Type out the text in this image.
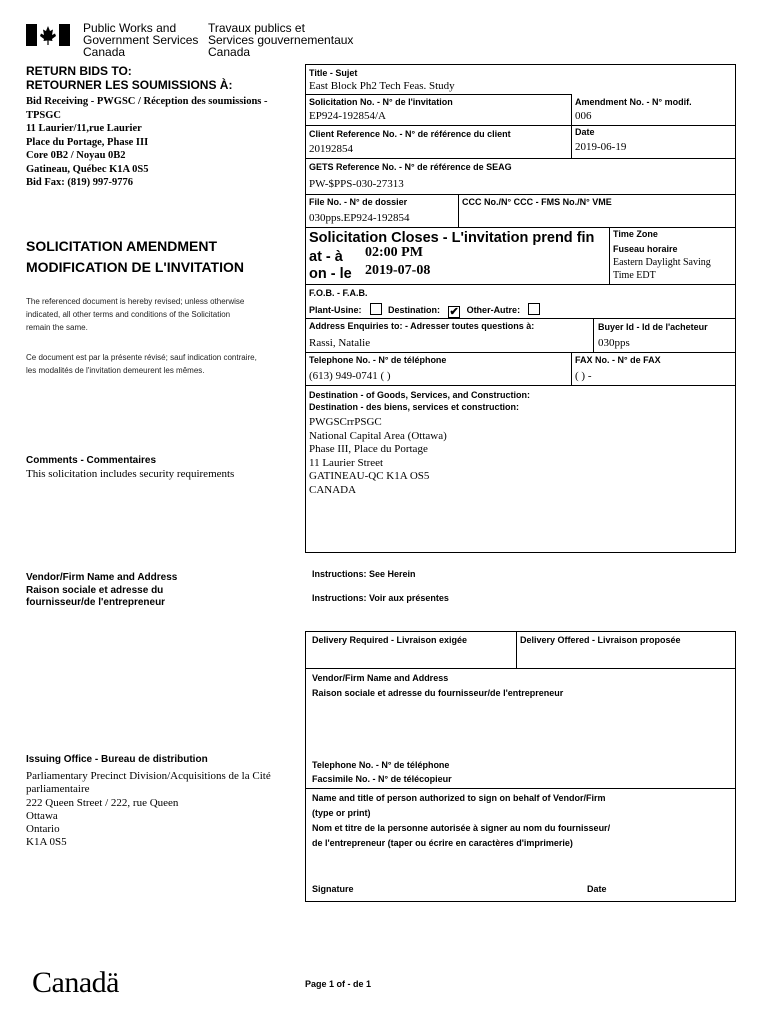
Public Works and
Government Services
Canada
Travaux publics et
Services gouvernementaux
Canada
RETURN BIDS TO:
RETOURNER LES SOUMISSIONS À:
Bid Receiving - PWGSC / Réception des soumissions -
TPSGC
11 Laurier/11,rue Laurier
Place du Portage, Phase III
Core 0B2 / Noyau 0B2
Gatineau, Québec K1A 0S5
Bid Fax: (819) 997-9776
SOLICITATION AMENDMENT
MODIFICATION DE L'INVITATION
The referenced document is hereby revised; unless otherwise
indicated, all other terms and conditions of the Solicitation
remain the same.
Ce document est par la présente révisé; sauf indication contraire,
les modalités de l'invitation demeurent les mêmes.
Comments - Commentaires
This solicitation includes security requirements
Vendor/Firm Name and Address
Raison sociale et adresse du
fournisseur/de l'entrepreneur
Issuing Office - Bureau de distribution
Parliamentary Precinct Division/Acquisitions de la Cité
parliamentaire
222 Queen Street / 222, rue Queen
Ottawa
Ontario
K1A 0S5
Title - Sujet
East Block Ph2 Tech Feas. Study
Solicitation No. - N° de l'invitation
EP924-192854/A
Amendment No. - N° modif.
006
Client Reference No. - N° de référence du client
20192854
Date
2019-06-19
GETS Reference No. - N° de référence de SEAG
PW-$PPS-030-27313
File No. - N° de dossier
030pps.EP924-192854
CCC No./N° CCC - FMS No./N° VME
Solicitation Closes - L'invitation prend fin
at - à 02:00 PM
on - le 2019-07-08
Time Zone
Fuseau horaire
Eastern Daylight Saving
Time EDT
F.O.B. - F.A.B.
Plant-Usine:	Destination: ✔ Other-Autre:
Address Enquiries to: - Adresser toutes questions à:
Rassi, Natalie
Buyer Id - Id de l'acheteur
030pps
Telephone No. - N° de téléphone
(613) 949-0741 ( )
FAX No. - N° de FAX
( ) -
Destination - of Goods, Services, and Construction:
Destination - des biens, services et construction:
PWGSCrrPSGC
National Capital Area (Ottawa)
Phase III, Place du Portage
11 Laurier Street
GATINEAU-QC K1A OS5
CANADA
Instructions: See Herein
Instructions: Voir aux présentes
Delivery Required - Livraison exigée	Delivery Offered - Livraison proposée
Vendor/Firm Name and Address
Raison sociale et adresse du fournisseur/de l'entrepreneur
Telephone No. - N° de téléphone
Facsimile No. - N° de télécopieur
Name and title of person authorized to sign on behalf of Vendor/Firm
(type or print)
Nom et titre de la personne autorisée à signer au nom du fournisseur/
de l'entrepreneur (taper ou écrire en caractères d'imprimerie)
Signature	Date
Canadä	Page 1 of - de 1
